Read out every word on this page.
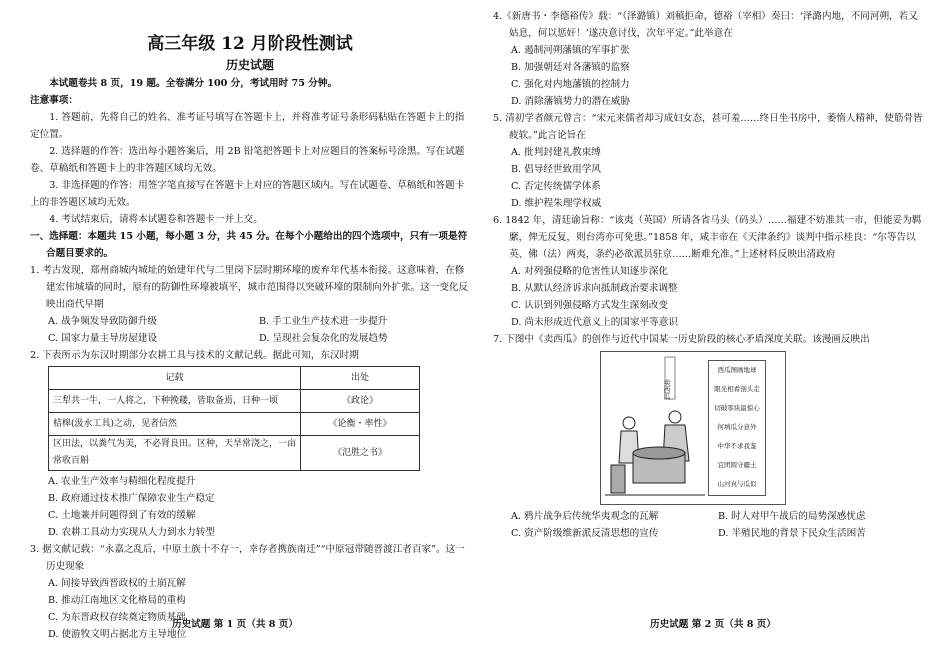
高三年级 12 月阶段性测试
历史试题
本试题卷共 8 页，19 题。全卷满分 100 分，考试用时 75 分钟。
注意事项：
1. 答题前，先将自己的姓名、准考证号填写在答题卡上，并将准考证号条形码粘贴在答题卡上的指定位置。
2. 选择题的作答：选出每小题答案后，用 2B 铅笔把答题卡上对应题目的答案标号涂黑。写在试题卷、草稿纸和答题卡上的非答题区域均无效。
3. 非选择题的作答：用签字笔直接写在答题卡上对应的答题区域内。写在试题卷、草稿纸和答题卡上的非答题区域均无效。
4. 考试结束后，请将本试题卷和答题卡一并上交。
一、选择题：本题共 15 小题，每小题 3 分，共 45 分。在每个小题给出的四个选项中，只有一项是符合题目要求的。
1. 考古发现，郑州商城内城址的始建年代与二里岗下层时期环壕的废弃年代基本衔接。这意味着，在修建宏伟城墙的同时，原有的防御性环壕被填平，城市范围得以突破环壕的限制向外扩张。这一变化反映出商代早期
A. 战争频发导致防御升级	B. 手工业生产技术进一步提升
C. 国家力量主导房屋建设	D. 呈现社会复杂化的发展趋势
2. 下表所示为东汉时期部分农耕工具与技术的文献记载。据此可知，东汉时期
记载	出处
三犁共一牛，一人将之，下种挽耧，皆取备焉，日种一顷	《政论》
桔槔(汲水工具)之动，见者信然	《论衡・率性》
区田法，以粪气为美，不必肾良田。区种，天旱常浇之，一亩常收百斛	《氾胜之书》
A. 农业生产效率与精细化程度提升
B. 政府通过技术推广保障农业生产稳定
C. 土地兼并问题得到了有效的缓解
D. 农耕工具动力实现从人力到水力转型
3. 据文献记载：“永嘉之乱后，中原士族十不存一，幸存者携族南迁”“中原冠带随晋渡江者百家”。这一历史现象
A. 间接导致西晋政权的土崩瓦解
B. 推动江南地区文化格局的重构
C. 为东晋政权存续奠定物质基础
D. 使游牧文明占据北方主导地位
历史试题 第 1 页（共 8 页）
4.《新唐书・李德裕传》载：“（泽潞镇）刘稹拒命，德裕（宰相）奏曰：‘泽潞内地，不同河朔，若又姑息，何以惩奸！’遂决意讨伐，次年平定。”此举意在
A. 遏制河朔藩镇的军事扩张
B. 加强朝廷对各藩镇的监察
C. 强化对内地藩镇的控制力
D. 消除藩镇势力的潜在威胁
5. 清初学者颜元曾言：“宋元来儒者却习成妇女态，甚可羞……终日坐书房中，萎惰人精神，使筋骨皆疲软。”此言论旨在
A. 批判封建礼教束缚
B. 倡导经世致用学风
C. 否定传统儒学体系
D. 维护程朱理学权威
6. 1842 年，清廷谕旨称：“该夷（英国）所请各省马头（码头）……福建不妨准其一市，但能妥为羁縻，俾无反复，则台湾亦可免患。”1858 年，咸丰帝在《天津条约》谈判中指示桂良：“尔等告以英、佛（法）两夷，条约必欲派员驻京……断难允准。”上述材料反映出清政府
A. 对列强侵略的危害性认知逐步深化
B. 从默认经济诉求向抵制政治要求调整
C. 认识到列强侵略方式发生深刻改变
D. 尚未形成近代意义上的国家平等意识
7. 下图中《卖西瓜》的创作与近代中国某一历史阶段的核心矛盾深度关联。该漫画反映出
卖西瓜
西瓜图画地球
眼光相看剖头走
切破零块最惊心
何填瓜分意外
中华不求我鉴
宜团圆守疆土
山河真与瓜似
A. 鸦片战争后传统华夷观念的瓦解	B. 时人对甲午战后的局势深感忧虑
C. 资产阶级维新派反清思想的宣传	D. 半殖民地的背景下民众生活困苦
历史试题 第 2 页（共 8 页）
